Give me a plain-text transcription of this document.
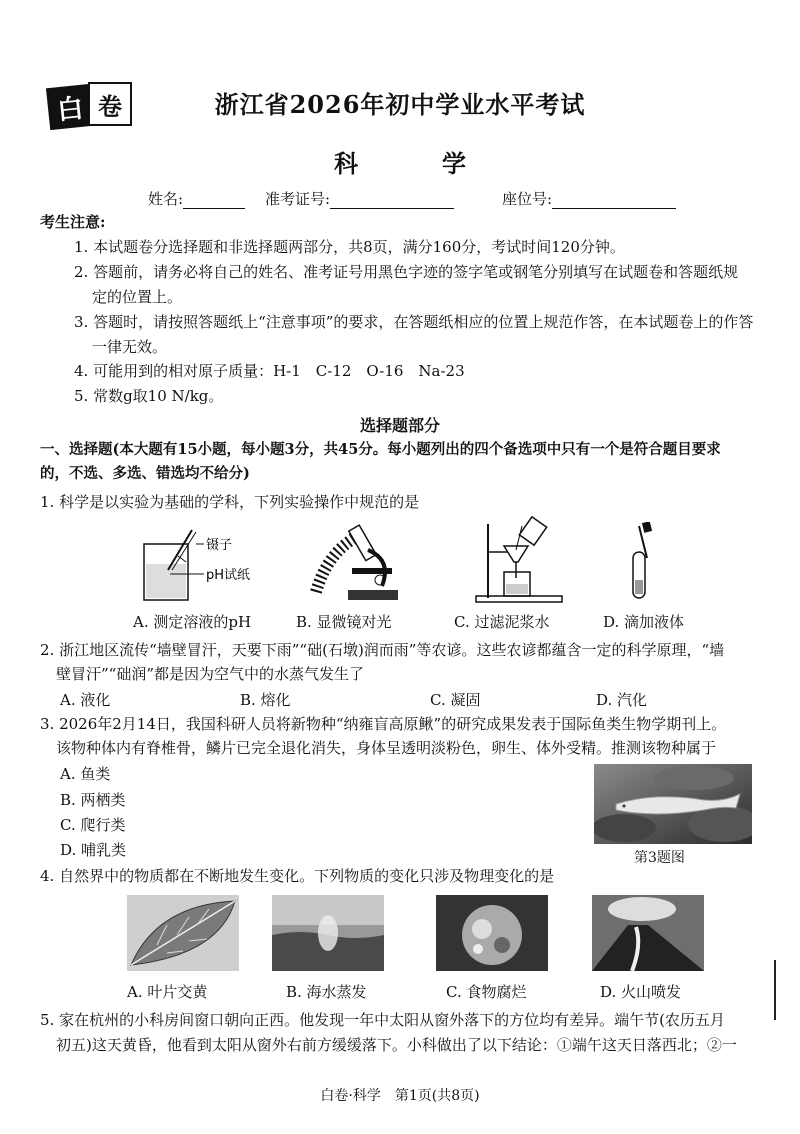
白 卷	浙江省2026年初中学业水平考试
科　学
姓名:	准考证号:	座位号:
考生注意:
1. 本试题卷分选择题和非选择题两部分，共8页，满分160分，考试时间120分钟。
2. 答题前，请务必将自己的姓名、准考证号用黑色字迹的签字笔或钢笔分别填写在试题卷和答题纸规
定的位置上。
3. 答题时，请按照答题纸上“注意事项”的要求，在答题纸相应的位置上规范作答，在本试题卷上的作答
一律无效。
4. 可能用到的相对原子质量：H-1　C-12　O-16　Na-23
5. 常数g取10 N/kg。
选择题部分
一、选择题(本大题有15小题，每小题3分，共45分。每小题列出的四个备选项中只有一个是符合题目要求
的，不选、多选、错选均不给分)
1. 科学是以实验为基础的学科，下列实验操作中规范的是
镊子
pH试纸
A. 测定溶液的pH	B. 显微镜对光	C. 过滤泥浆水	D. 滴加液体
2. 浙江地区流传“墙壁冒汗，天要下雨”“础(石墩)润而雨”等农谚。这些农谚都蕴含一定的科学原理，“墙
壁冒汗”“础润”都是因为空气中的水蒸气发生了
A. 液化	B. 熔化	C. 凝固	D. 汽化
3. 2026年2月14日，我国科研人员将新物种“纳雍盲高原鳅”的研究成果发表于国际鱼类生物学期刊上。
该物种体内有脊椎骨，鳞片已完全退化消失，身体呈透明淡粉色，卵生、体外受精。推测该物种属于
A. 鱼类
B. 两栖类
C. 爬行类
D. 哺乳类	第3题图
4. 自然界中的物质都在不断地发生变化。下列物质的变化只涉及物理变化的是
A. 叶片交黄	B. 海水蒸发	C. 食物腐烂	D. 火山喷发
5. 家在杭州的小科房间窗口朝向正西。他发现一年中太阳从窗外落下的方位均有差异。端午节(农历五月
初五)这天黄昏，他看到太阳从窗外右前方缓缓落下。小科做出了以下结论：①端午这天日落西北；②一
白卷·科学　第1页(共8页)
